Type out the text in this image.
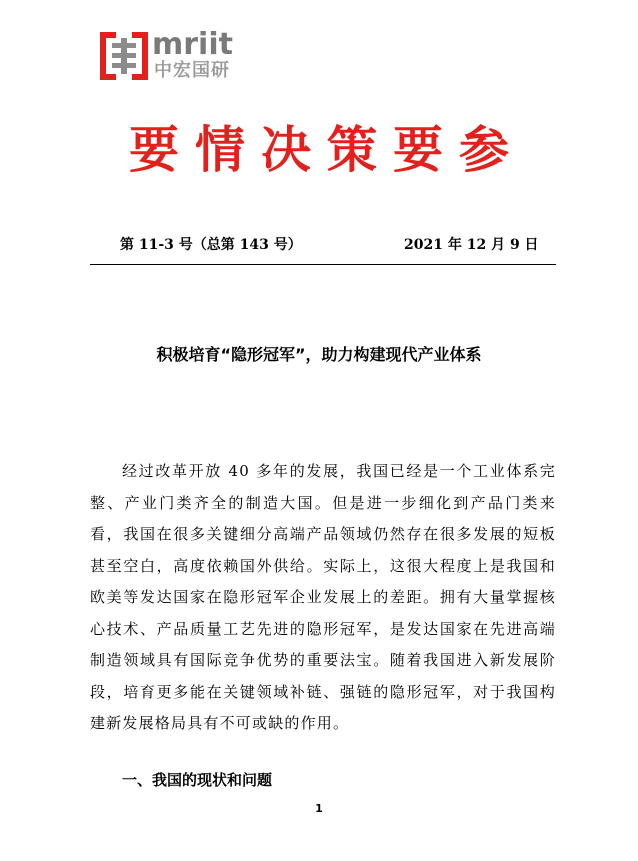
mriit
中宏国研
要情决策要参
第 11-3 号（总第 143 号）	2021 年 12 月 9 日
积极培育“隐形冠军”，助力构建现代产业体系

经过改革开放 40 多年的发展，我国已经是一个工业体系完整、产业门类齐全的制造大国。但是进一步细化到产品门类来看，我国在很多关键细分高端产品领域仍然存在很多发展的短板甚至空白，高度依赖国外供给。实际上，这很大程度上是我国和欧美等发达国家在隐形冠军企业发展上的差距。拥有大量掌握核心技术、产品质量工艺先进的隐形冠军，是发达国家在先进高端制造领域具有国际竞争优势的重要法宝。随着我国进入新发展阶段，培育更多能在关键领域补链、强链的隐形冠军，对于我国构建新发展格局具有不可或缺的作用。

一、我国的现状和问题
1
